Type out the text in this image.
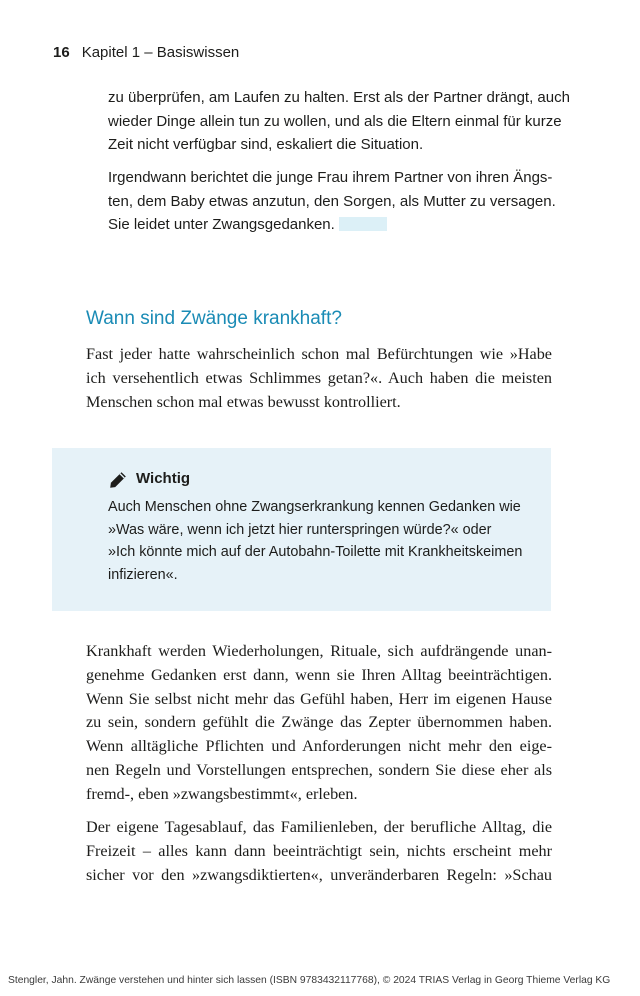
16 Kapitel 1 – Basiswissen

zu überprüfen, am Laufen zu halten. Erst als der Partner drängt, auch
wieder Dinge allein tun zu wollen, und als die Eltern einmal für kurze
Zeit nicht verfügbar sind, eskaliert die Situation.

Irgendwann berichtet die junge Frau ihrem Partner von ihren Ängs-
ten, dem Baby etwas anzutun, den Sorgen, als Mutter zu versagen.
Sie leidet unter Zwangsgedanken.

Wann sind Zwänge krankhaft?

Fast jeder hatte wahrscheinlich schon mal Befürchtungen wie »Habe
ich versehentlich etwas Schlimmes getan?«. Auch haben die meisten
Menschen schon mal etwas bewusst kontrolliert.

Wichtig
Auch Menschen ohne Zwangserkrankung kennen Gedanken wie
»Was wäre, wenn ich jetzt hier runterspringen würde?« oder
»Ich könnte mich auf der Autobahn-Toilette mit Krankheitskeimen
infizieren«.

Krankhaft werden Wiederholungen, Rituale, sich aufdrängende unan-
genehme Gedanken erst dann, wenn sie Ihren Alltag beeinträchtigen.
Wenn Sie selbst nicht mehr das Gefühl haben, Herr im eigenen Hause
zu sein, sondern gefühlt die Zwänge das Zepter übernommen haben.
Wenn alltägliche Pflichten und Anforderungen nicht mehr den eige-
nen Regeln und Vorstellungen entsprechen, sondern Sie diese eher als
fremd-, eben »zwangsbestimmt«, erleben.

Der eigene Tagesablauf, das Familienleben, der berufliche Alltag, die
Freizeit – alles kann dann beeinträchtigt sein, nichts erscheint mehr
sicher vor den »zwangsdiktierten«, unveränderbaren Regeln: »Schau

Stengler, Jahn. Zwänge verstehen und hinter sich lassen (ISBN 9783432117768), © 2024 TRIAS Verlag in Georg Thieme Verlag KG
